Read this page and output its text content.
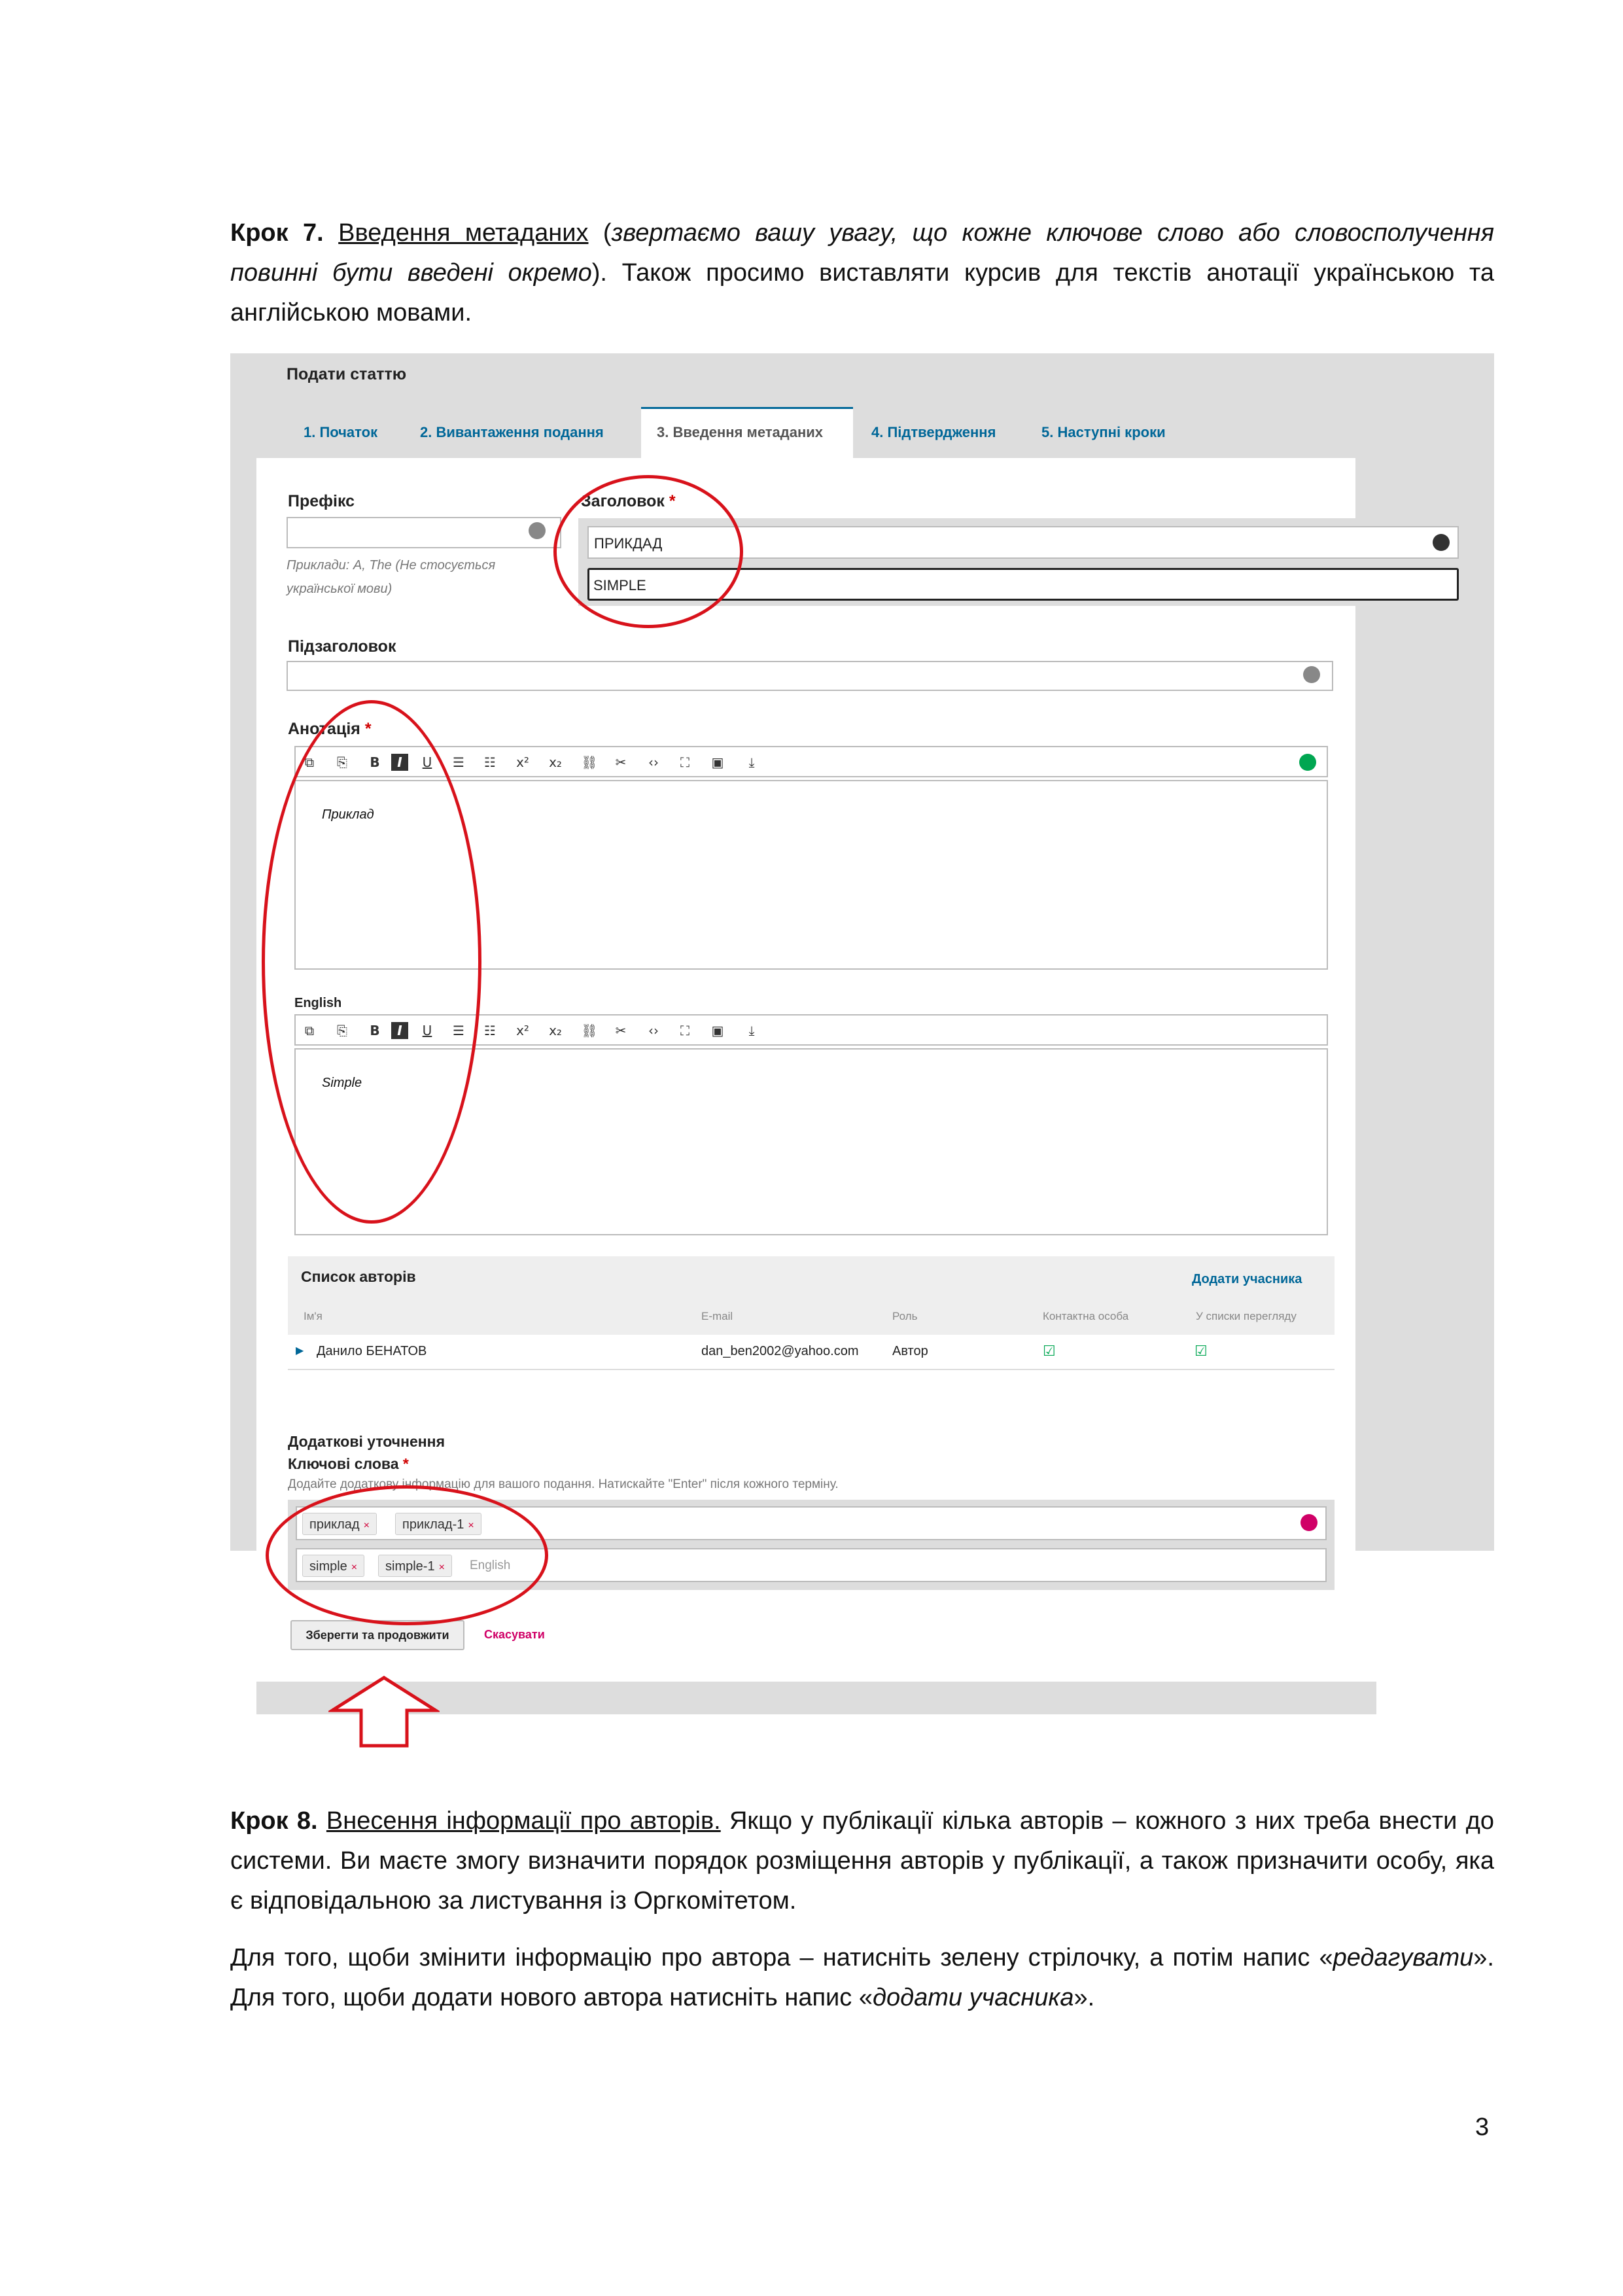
Крок 7. Введення метаданих (звертаємо вашу увагу, що кожне ключове слово або словосполучення повинні бути введені окремо). Також просимо виставляти курсив для текстів анотації українською та англійською мовами.

Подати статтю
1. Початок	2. Вивантаження подання	3. Введення метаданих	4. Підтвердження	5. Наступні кроки
Префікс
Приклади: A, The (Не стосується української мови)
Заголовок *
ПРИКДАД
SIMPLE
Підзаголовок
Анотація *
⧉ ⎘ B	I	U ☰ ☷ x² x₂ ⛓ ✂ ‹›	⛶	▣	⤓
Приклад
English
⧉ ⎘ B	I	U ☰ ☷ x² x₂ ⛓ ✂ ‹›	⛶	▣	⤓
Simple
Список авторів	Додати учасника
Ім'я	E-mail	Роль	Контактна особа	У списки перегляду
▶ Данило БЕНАТОВ	dan_ben2002@yahoo.com	Автор	☑	☑
Додаткові уточнення
Ключові слова *
Додайте додаткову інформацію для вашого подання. Натискайте "Enter" після кожного терміну.
приклад ×	приклад-1 ×
simple ×	simple-1 ×	English
Зберегти та продовжити	Скасувати

Крок 8. Внесення інформації про авторів. Якщо у публікації кілька авторів – кожного з них треба внести до системи. Ви маєте змогу визначити порядок розміщення авторів у публікації, а також призначити особу, яка є відповідальною за листування із Оргкомітетом.

Для того, щоби змінити інформацію про автора – натисніть зелену стрілочку, а потім напис «редагувати». Для того, щоби додати нового автора натисніть напис «додати учасника».

3
